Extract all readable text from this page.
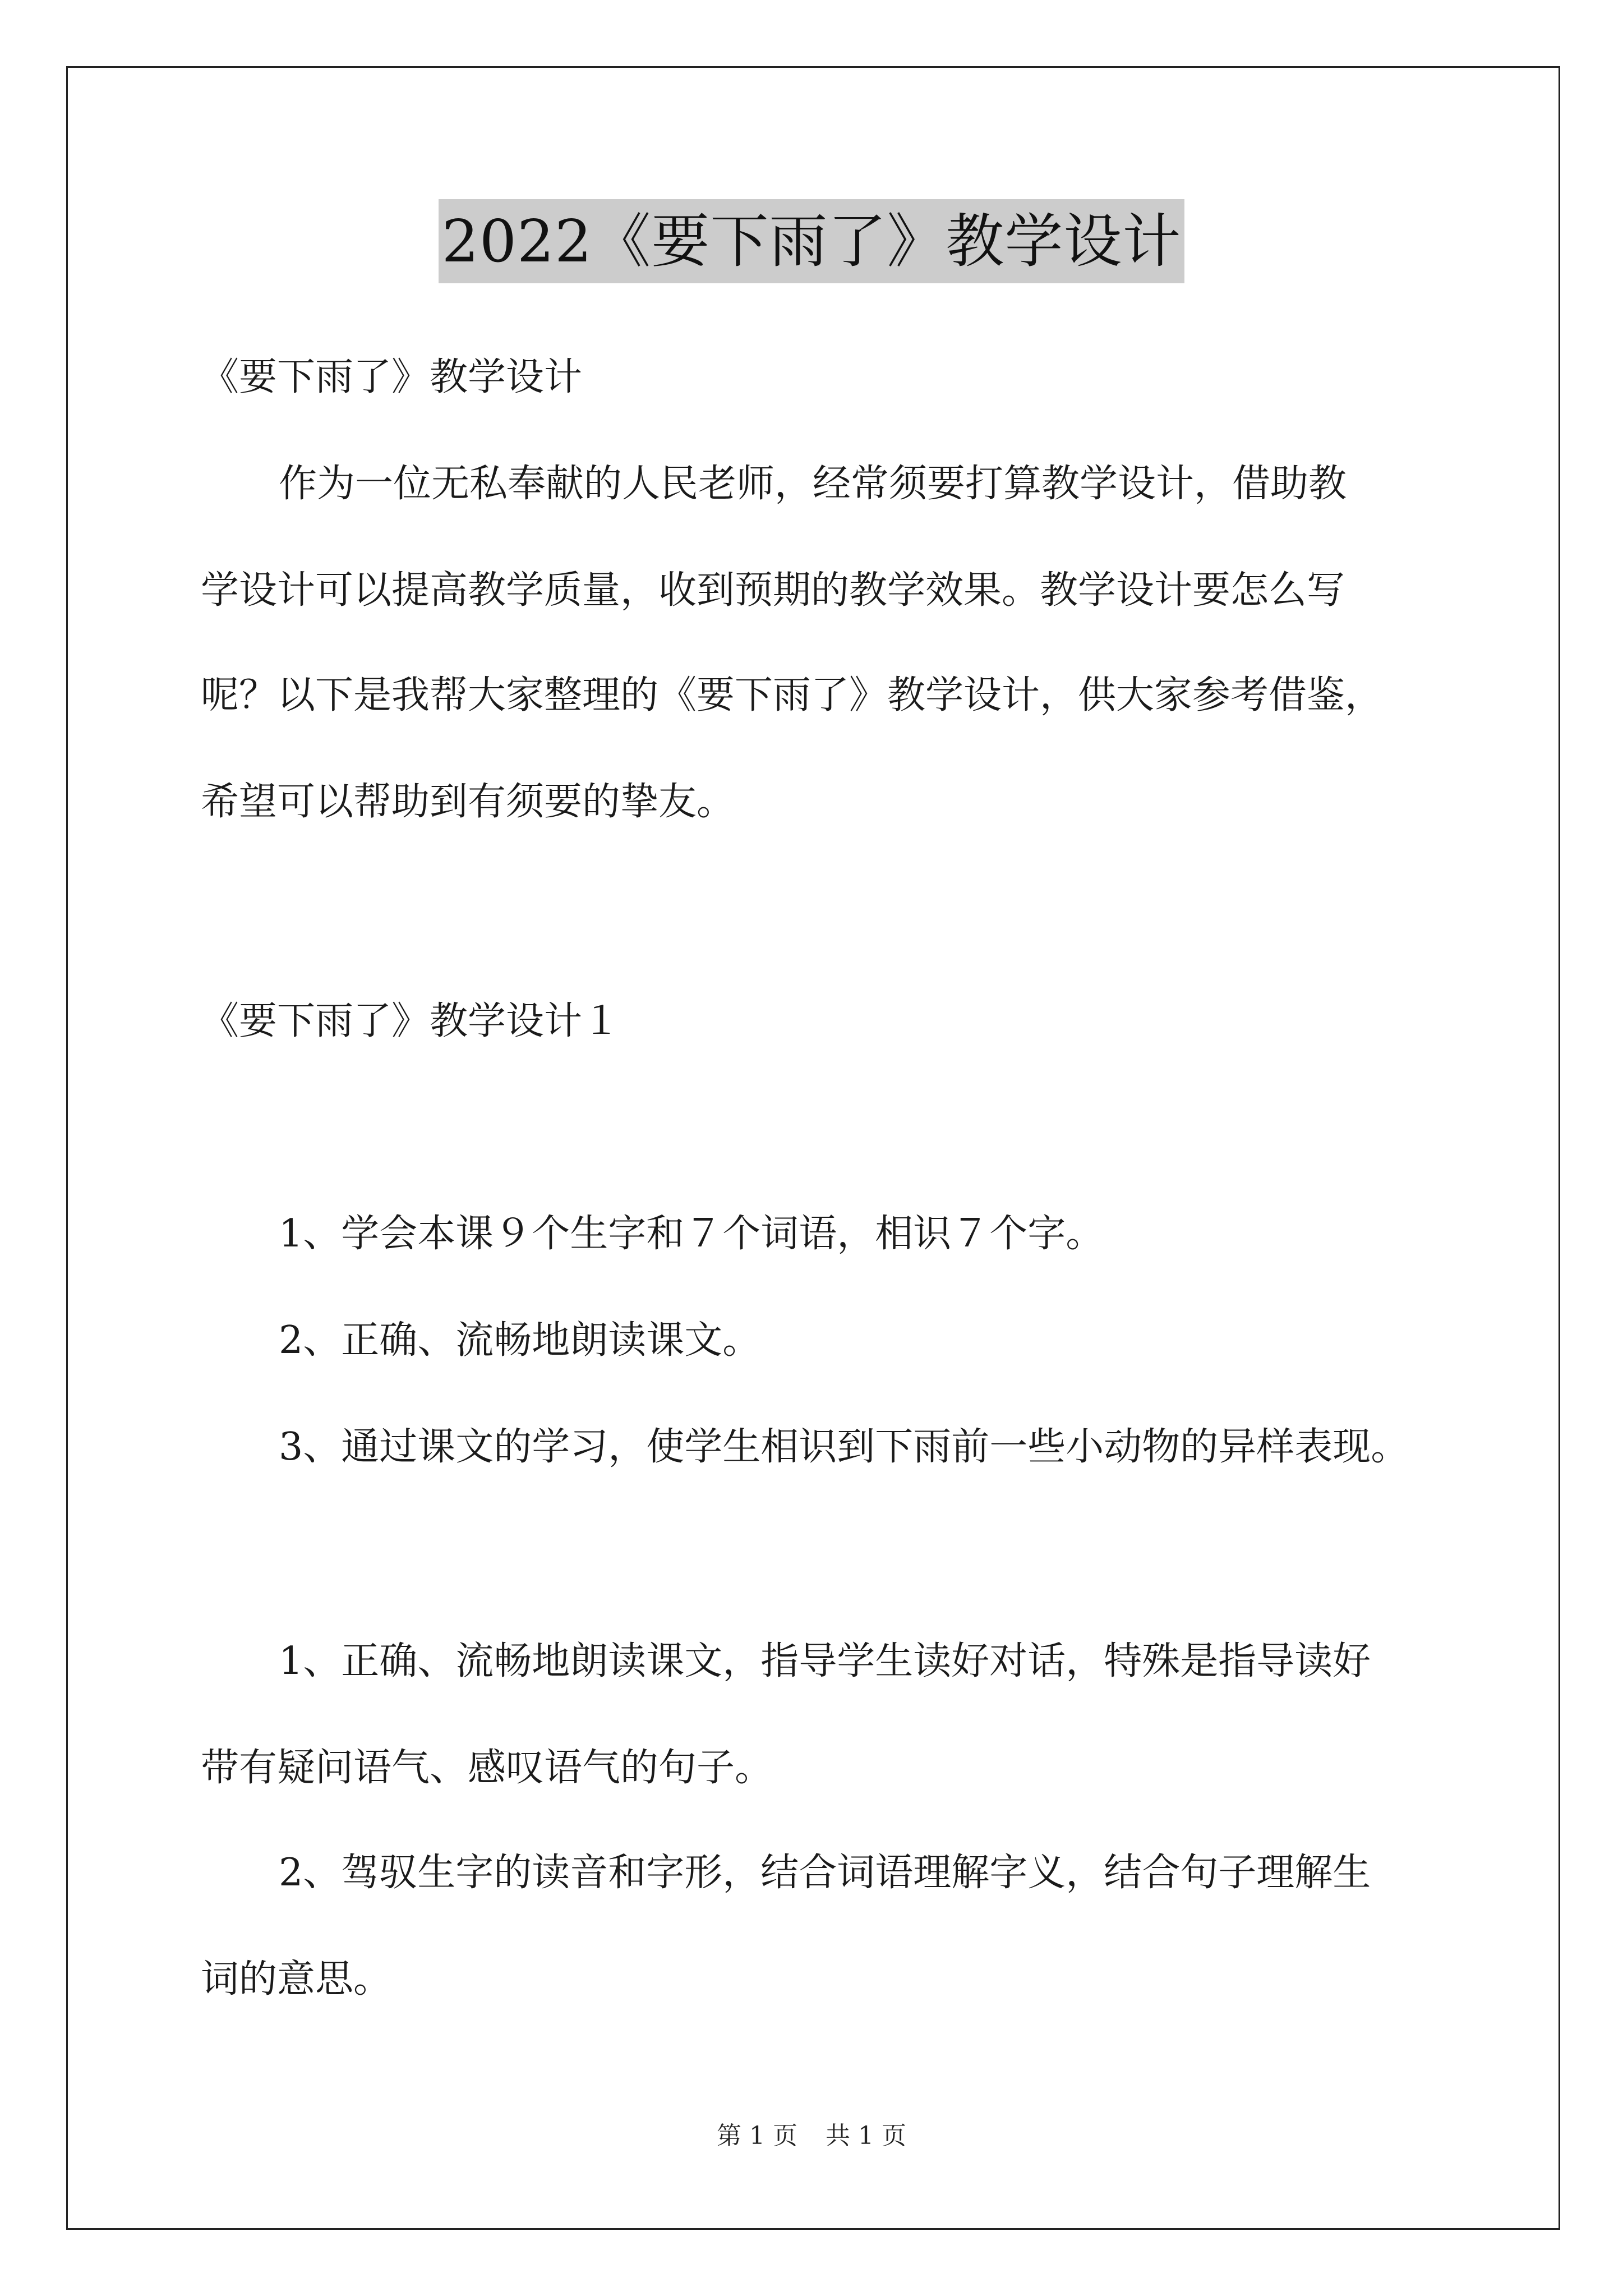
2022《要下雨了》教学设计
《要下雨了》教学设计
作为一位无私奉献的人民老师，经常须要打算教学设计，借助教
学设计可以提高教学质量，收到预期的教学效果。教学设计要怎么写
呢？以下是我帮大家整理的《要下雨了》教学设计，供大家参考借鉴，
希望可以帮助到有须要的挚友。
《要下雨了》教学设计１
1、学会本课９个生字和７个词语，相识７个字。
2、正确、流畅地朗读课文。
3、通过课文的学习，使学生相识到下雨前一些小动物的异样表现。
1、正确、流畅地朗读课文，指导学生读好对话，特殊是指导读好
带有疑问语气、感叹语气的句子。
2、驾驭生字的读音和字形，结合词语理解字义，结合句子理解生
词的意思。
第 1 页 共 1 页
